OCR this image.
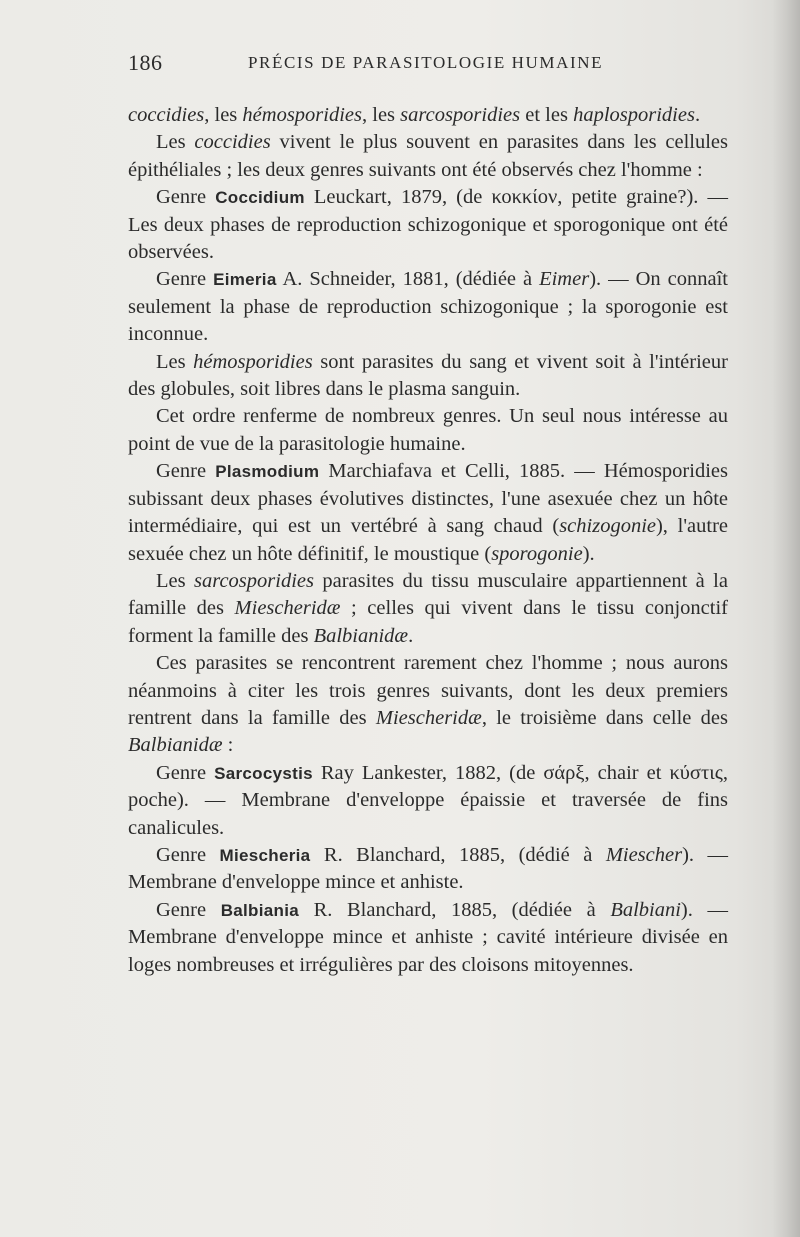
186	PRÉCIS DE PARASITOLOGIE HUMAINE

coccidies, les hémosporidies, les sarcosporidies et les haplosporidies.

Les coccidies vivent le plus souvent en parasites dans les cellules épithéliales ; les deux genres suivants ont été observés chez l'homme :

Genre Coccidium Leuckart, 1879, (de κοκκίον, petite graine?). — Les deux phases de reproduction schizogonique et sporogonique ont été observées.

Genre Eimeria A. Schneider, 1881, (dédiée à Eimer). — On connaît seulement la phase de reproduction schizogonique ; la sporogonie est inconnue.

Les hémosporidies sont parasites du sang et vivent soit à l'intérieur des globules, soit libres dans le plasma sanguin.

Cet ordre renferme de nombreux genres. Un seul nous intéresse au point de vue de la parasitologie humaine.

Genre Plasmodium Marchiafava et Celli, 1885. — Hémosporidies subissant deux phases évolutives distinctes, l'une asexuée chez un hôte intermédiaire, qui est un vertébré à sang chaud (schizogonie), l'autre sexuée chez un hôte définitif, le moustique (sporogonie).

Les sarcosporidies parasites du tissu musculaire appartiennent à la famille des Miescheridæ ; celles qui vivent dans le tissu conjonctif forment la famille des Balbianidæ.

Ces parasites se rencontrent rarement chez l'homme ; nous aurons néanmoins à citer les trois genres suivants, dont les deux premiers rentrent dans la famille des Miescheridæ, le troisième dans celle des Balbianidæ :

Genre Sarcocystis Ray Lankester, 1882, (de σάρξ, chair et κύστις, poche). — Membrane d'enveloppe épaissie et traversée de fins canalicules.

Genre Miescheria R. Blanchard, 1885, (dédié à Miescher). — Membrane d'enveloppe mince et anhiste.

Genre Balbiania R. Blanchard, 1885, (dédiée à Balbiani). — Membrane d'enveloppe mince et anhiste ; cavité intérieure divisée en loges nombreuses et irrégulières par des cloisons mitoyennes.
